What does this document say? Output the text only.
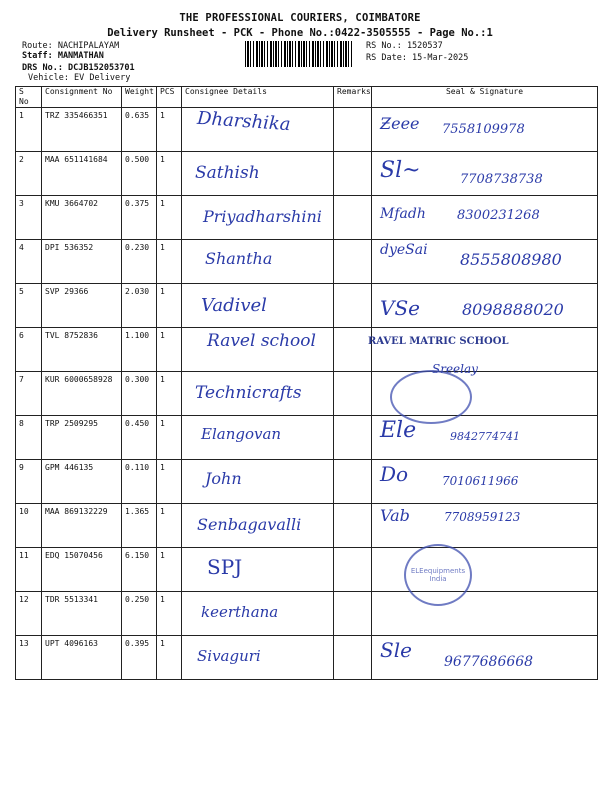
THE PROFESSIONAL COURIERS, COIMBATORE
Delivery Runsheet - PCK - Phone No.:0422-3505555 - Page No.:1
Route: NACHIPALAYAM
Staff: MANMATHAN
DRS No.: DCJB152053701
Vehicle: EV Delivery
RS No.: 1520537
RS Date: 15-Mar-2025
S No	Consignment No	Weight	PCS	Consignee Details	Remarks	Seal & Signature
1	TRZ 335466351	0.635	1	Dharshika		Ƶeee 7558109978

2	MAA 651141684	0.500	1	Sathish		Sl~ 7708738738

3	KMU 3664702	0.375	1	Priyadharshini		Mfadh 8300231268

4	DPI 536352	0.230	1	Shantha		dyeSai 8555808980

5	SVP 29366	2.030	1	Vadivel		VSe 8098888020

6	TVL 8752836	1.100	1	Ravel school		RAVEL MATRIC SCHOOL

7	KUR 6000658928	0.300	1	Technicrafts		Sreelay

8	TRP 2509295	0.450	1	Elangovan		Ele 9842774741

9	GPM 446135	0.110	1	John		Do 7010611966

10	MAA 869132229	1.365	1	Senbagavalli		Vab 7708959123

11	EDQ 15070456	6.150	1	SPJ		ELEequipments India

12	TDR 5513341	0.250	1	keerthana		
13	UPT 4096163	0.395	1	Sivaguri		Sle 9677686668
